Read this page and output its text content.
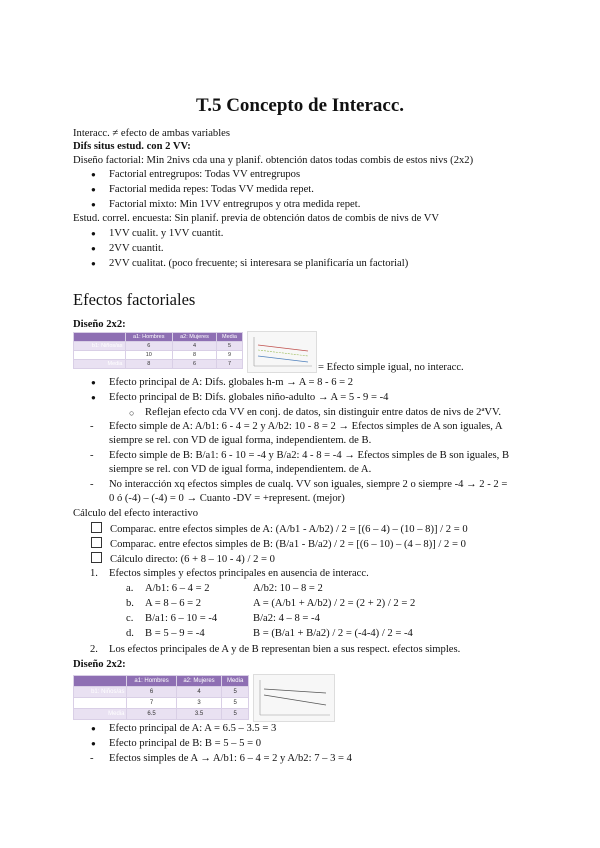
T.5 Concepto de Interacc.
Interacc. ≠ efecto de ambas variables
Difs situs estud. con 2 VV:
Diseño factorial: Min 2nivs cda una y planif. obtención datos todas combis de estos nivs (2x2)
● Factorial entregrupos: Todas VV entregrupos
● Factorial medida repes: Todas VV medida repet.
● Factorial mixto: Min 1VV entregrupos y otra medida repet.
Estud. correl. encuesta: Sin planif. previa de obtención datos de combis de nivs de VV
● 1VV cualit. y 1VV cuantit.
● 2VV cuantit.
● 2VV cualitat. (poco frecuente; si interesara se planificaría un factorial)
Efectos factoriales
Diseño 2x2:
	a1: Hombres	a2: Mujeres	Media
b1: Niños/as	6	4	5
b2: Adultos/as	10	8	9
Media	8	6	7	= Efecto simple igual, no interacc.
● Efecto principal de A: Difs. globales h-m → A = 8 - 6 = 2
● Efecto principal de B: Difs. globales niño-adulto → A = 5 - 9 = -4
○ Reflejan efecto cda VV en conj. de datos, sin distinguir entre datos de nivs de 2ªVV.
- Efecto simple de A: A/b1: 6 - 4 = 2 y A/b2: 10 - 8 = 2 → Efectos simples de A son iguales, A
siempre se rel. con VD de igual forma, independientem. de B.
- Efecto simple de B: B/a1: 6 - 10 = -4 y B/a2: 4 - 8 = -4 → Efectos simples de B son iguales, B
siempre se rel. con VD de igual forma, independientem. de A.
- No interacción xq efectos simples de cualq. VV son iguales, siempre 2 o siempre -4 → 2 - 2 =
0 ó (-4) – (-4) = 0 → Cuanto -DV = +represent. (mejor)
Cálculo del efecto interactivo
Comparac. entre efectos simples de A: (A/b1 - A/b2) / 2 = [(6 – 4) – (10 – 8)] / 2 = 0
Comparac. entre efectos simples de B: (B/a1 - B/a2) / 2 = [(6 – 10) – (4 – 8)] / 2 = 0
Cálculo directo: (6 + 8 – 10 - 4) / 2 = 0
1. Efectos simples y efectos principales en ausencia de interacc.
a. A/b1: 6 – 4 = 2	A/b2: 10 – 8 = 2
b. A = 8 – 6 = 2	A = (A/b1 + A/b2) / 2 = (2 + 2) / 2 = 2
c. B/a1: 6 – 10 = -4	B/a2: 4 – 8 = -4
d. B = 5 – 9 = -4	B = (B/a1 + B/a2) / 2 = (-4-4) / 2 = -4
2. Los efectos principales de A y de B representan bien a sus respect. efectos simples.
Diseño 2x2:
	a1: Hombres	a2: Mujeres	Media
b1: Niños/as	6	4	5
b2: Adultos/as	7	3	5
Media	6.5	3.5	5
● Efecto principal de A: A = 6.5 – 3.5 = 3
● Efecto principal de B: B = 5 – 5 = 0
- Efectos simples de A → A/b1: 6 – 4 = 2 y A/b2: 7 – 3 = 4
